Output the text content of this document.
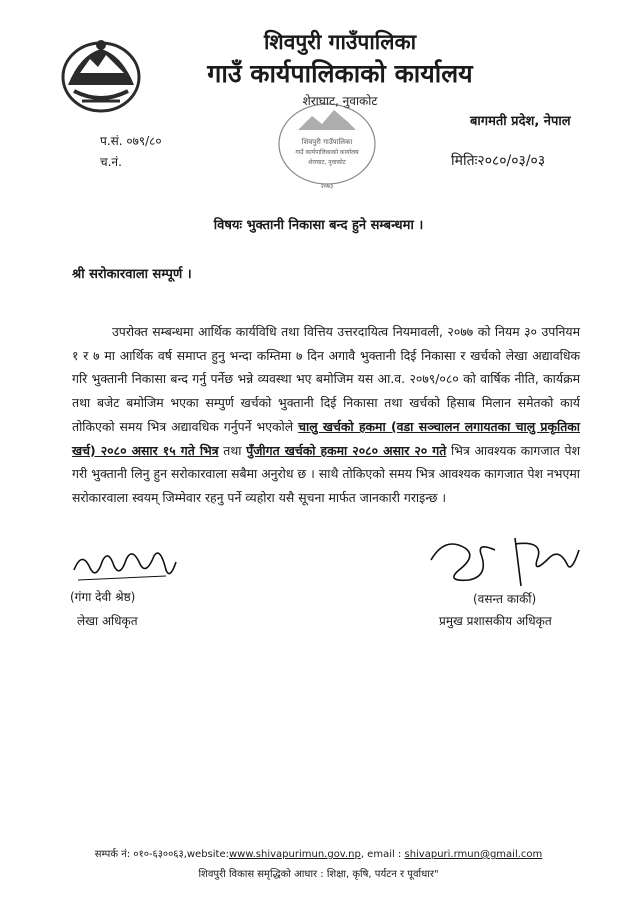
शिवपुरी गाउँपालिका
गाउँ कार्यपालिकाको कार्यालय
शेराघाट, नुवाकोट
बागमती प्रदेश, नेपाल
प.सं. ०७९/८०
च.नं.	मितिः२०८०/०३/०३
शिवपुरी गाउँपालिका
गाउँ कार्यपालिकाको कार्यालय
शेराघाट, नुवाकोट
२०७३
विषयः भुक्तानी निकासा बन्द हुने सम्बन्धमा ।
श्री सरोकारवाला सम्पूर्ण ।
उपरोक्त सम्बन्धमा आर्थिक कार्यविधि तथा वित्तिय उत्तरदायित्व नियमावली, २०७७ को नियम ३० उपनियम १ र ७ मा आर्थिक वर्ष समाप्त हुनु भन्दा कम्तिमा ७ दिन अगावै भुक्तानी दिई निकासा र खर्चको लेखा अद्यावधिक गरि भुक्तानी निकासा बन्द गर्नु पर्नेछ भन्ने व्यवस्था भए बमोजिम यस आ.व. २०७९/०८० को वार्षिक नीति, कार्यक्रम तथा बजेट बमोजिम भएका सम्पुर्ण खर्चको भुक्तानी दिई निकासा तथा खर्चको हिसाब मिलान समेतको कार्य तोकिएको समय भित्र अद्यावधिक गर्नुपर्ने भएकोले चालु खर्चको हकमा (वडा सञ्चालन लगायतका चालु प्रकृतिका खर्च) २०८० असार १५ गते भित्र तथा पुँजीगत खर्चको हकमा २०८० असार २० गते भित्र आवश्यक कागजात पेश गरी भुक्तानी लिनु हुन सरोकारवाला सबैमा अनुरोध छ । साथै तोकिएको समय भित्र आवश्यक कागजात पेश नभएमा सरोकारवाला स्वयम् जिम्मेवार रहनु पर्ने व्यहोरा यसै सूचना मार्फत जानकारी गराइन्छ ।
(गंगा देवी श्रेष्ठ)
लेखा अधिकृत
(वसन्त कार्की)
प्रमुख प्रशासकीय अधिकृत
सम्पर्क नं: ०१०-६३००६३,website:www.shivapurimun.gov.np, email : shivapuri.rmun@gmail.com
शिवपुरी विकास समृद्धिको आधार : शिक्षा, कृषि, पर्यटन र पूर्वाधार"
